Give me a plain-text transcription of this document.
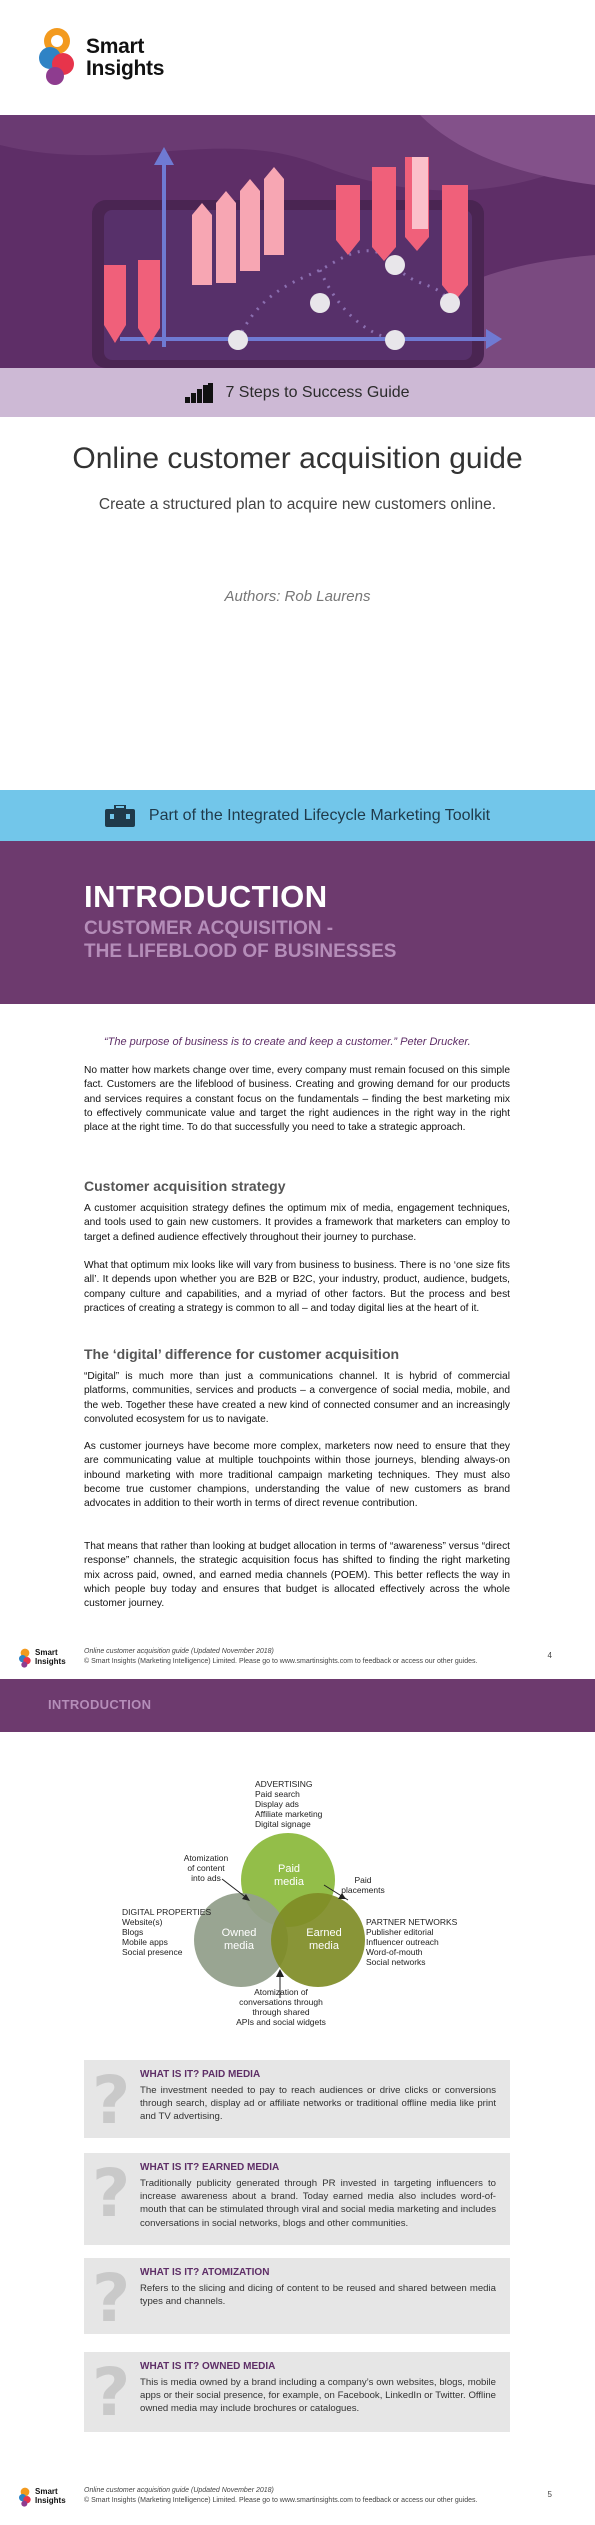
Smart
Insights
7 Steps to Success Guide
Online customer acquisition guide
Create a structured plan to acquire new customers online.
Authors: Rob Laurens
Part of the Integrated Lifecycle Marketing Toolkit
INTRODUCTION
CUSTOMER ACQUISITION -
THE LIFEBLOOD OF BUSINESSES
“The purpose of business is to create and keep a customer.” Peter Drucker.
No matter how markets change over time, every company must remain focused on this simple fact. Customers are the lifeblood of business. Creating and growing demand for our products and services requires a constant focus on the fundamentals – finding the best marketing mix to effectively communicate value and target the right audiences in the right way in the right place at the right time. To do that successfully you need to take a strategic approach.
Customer acquisition strategy
A customer acquisition strategy defines the optimum mix of media, engagement techniques, and tools used to gain new customers. It provides a framework that marketers can employ to target a defined audience effectively throughout their journey to purchase.
What that optimum mix looks like will vary from business to business. There is no ‘one size fits all’. It depends upon whether you are B2B or B2C, your industry, product, audience, budgets, company culture and capabilities, and a myriad of other factors. But the process and best practices of creating a strategy is common to all – and today digital lies at the heart of it.
The ‘digital’ difference for customer acquisition
“Digital” is much more than just a communications channel. It is hybrid of commercial platforms, communities, services and products – a convergence of social media, mobile, and the web. Together these have created a new kind of connected consumer and an increasingly convoluted ecosystem for us to navigate.
As customer journeys have become more complex, marketers now need to ensure that they are communicating value at multiple touchpoints within those journeys, blending always-on inbound marketing with more traditional campaign marketing techniques. They must also become true customer champions, understanding the value of new customers as brand advocates in addition to their worth in terms of direct revenue contribution.
That means that rather than looking at budget allocation in terms of “awareness” versus “direct response” channels, the strategic acquisition focus has shifted to finding the right marketing mix across paid, owned, and earned media channels (POEM). This better reflects the way in which people buy today and ensures that budget is allocated effectively across the whole customer journey.
Smart
Insights
Online customer acquisition guide (Updated November 2018)
© Smart Insights (Marketing Intelligence) Limited. Please go to www.smartinsights.com to feedback or access our other guides.
4
INTRODUCTION
Paid
media
Owned
media
Earned
media
ADVERTISING
Paid search
Display ads
Affiliate marketing
Digital signage
Atomization
of content
into ads	Paid
placements
DIGITAL PROPERTIES
Website(s)
Blogs
Mobile apps
Social presence
PARTNER NETWORKS
Publisher editorial
Influencer outreach
Word-of-mouth
Social networks
Atomization of
conversations through
through shared
APIs and social widgets
? WHAT IS IT? PAID MEDIA
The investment needed to pay to reach audiences or drive clicks or conversions through search, display ad or affiliate networks or traditional offline media like print and TV advertising.
? WHAT IS IT? EARNED MEDIA
Traditionally publicity generated through PR invested in targeting influencers to increase awareness about a brand. Today earned media also includes word-of-mouth that can be stimulated through viral and social media marketing and includes conversations in social networks, blogs and other communities.
? WHAT IS IT? ATOMIZATION
Refers to the slicing and dicing of content to be reused and shared between media types and channels.
? WHAT IS IT? OWNED MEDIA
This is media owned by a brand including a company’s own websites, blogs, mobile apps or their social presence, for example, on Facebook, LinkedIn or Twitter. Offline owned media may include brochures or catalogues.
Smart
Insights
Online customer acquisition guide (Updated November 2018)
© Smart Insights (Marketing Intelligence) Limited. Please go to www.smartinsights.com to feedback or access our other guides.
5
